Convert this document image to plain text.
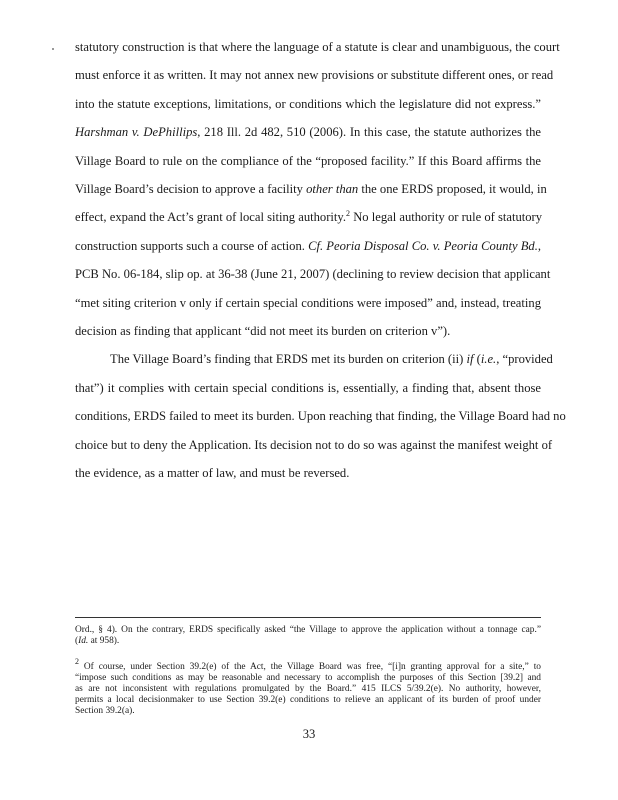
statutory construction is that where the language of a statute is clear and unambiguous, the court
must enforce it as written. It may not annex new provisions or substitute different ones, or read
into the statute exceptions, limitations, or conditions which the legislature did not express.”
Harshman v. DePhillips, 218 Ill. 2d 482, 510 (2006). In this case, the statute authorizes the
Village Board to rule on the compliance of the “proposed facility.” If this Board affirms the
Village Board’s decision to approve a facility other than the one ERDS proposed, it would, in
effect, expand the Act’s grant of local siting authority.$^2$ No legal authority or rule of statutory
construction supports such a course of action. Cf. Peoria Disposal Co. v. Peoria County Bd.,
PCB No. 06-184, slip op. at 36-38 (June 21, 2007) (declining to review decision that applicant
“met siting criterion v only if certain special conditions were imposed” and, instead, treating
decision as finding that applicant “did not meet its burden on criterion v”).
The Village Board’s finding that ERDS met its burden on criterion (ii) if (i.e., “provided
that”) it complies with certain special conditions is, essentially, a finding that, absent those
conditions, ERDS failed to meet its burden. Upon reaching that finding, the Village Board had no
choice but to deny the Application. Its decision not to do so was against the manifest weight of
the evidence, as a matter of law, and must be reversed.
Ord., § 4). On the contrary, ERDS specifically asked “the Village to approve the application without a tonnage cap.”
(Id. at 958).
$^2$ Of course, under Section 39.2(e) of the Act, the Village Board was free, “[i]n granting approval for a site,” to
“impose such conditions as may be reasonable and necessary to accomplish the purposes of this Section [39.2] and
as are not inconsistent with regulations promulgated by the Board.” 415 ILCS 5/39.2(e). No authority, however,
permits a local decisionmaker to use Section 39.2(e) conditions to relieve an applicant of its burden of proof under
Section 39.2(a).
33
